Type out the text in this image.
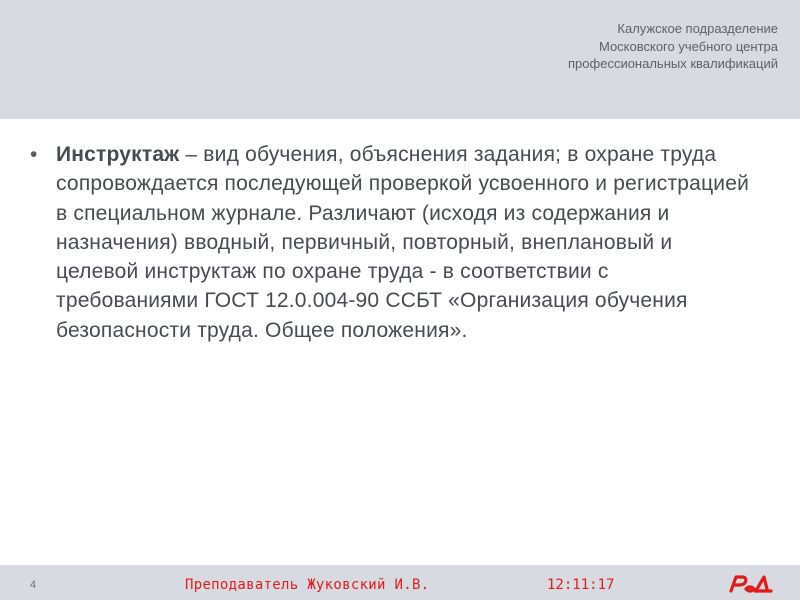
Калужское подразделение
Московского учебного центра
профессиональных квалификаций
• Инструктаж – вид обучения, объяснения задания; в охране труда сопровождается последующей проверкой усвоенного и регистрацией в специальном журнале. Различают (исходя из содержания и назначения) вводный, первичный, повторный, внеплановый и целевой инструктаж по охране труда - в соответствии с требованиями ГОСТ 12.0.004-90 ССБТ «Организация обучения безопасности труда. Общее положения».
4	Преподаватель Жуковский И.В.	12:11:17
